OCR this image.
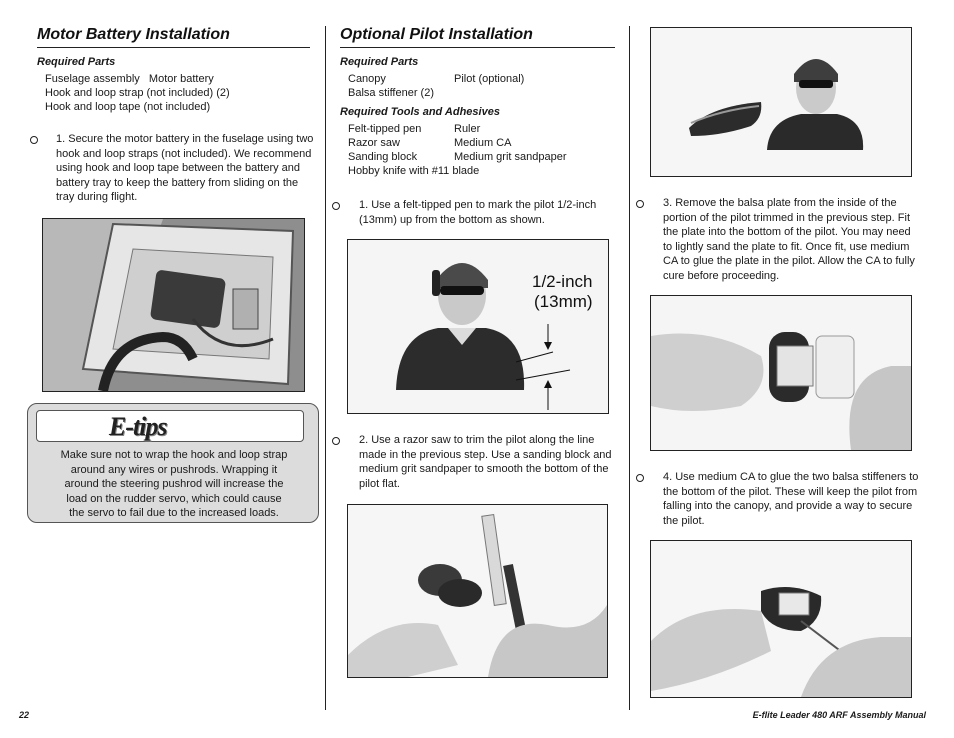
Motor Battery Installation
Required Parts
Fuselage assembly   Motor battery
Hook and loop strap (not included) (2)
Hook and loop tape (not included)
1. Secure the motor battery in the fuselage using two
hook and loop straps (not included). We recommend
using hook and loop tape between the battery and
battery tray to keep the battery from sliding on the
tray during flight.
E-tips
Make sure not to wrap the hook and loop strap
around any wires or pushrods. Wrapping it
around the steering pushrod will increase the
load on the rudder servo, which could cause
the servo to fail due to the increased loads.
22
Optional Pilot Installation
Required Parts
Canopy	Pilot (optional)
Balsa stiffener (2)
Required Tools and Adhesives
Felt-tipped pen	Ruler
Razor saw	Medium CA
Sanding block	Medium grit sandpaper
Hobby knife with #11 blade
1. Use a felt-tipped pen to mark the pilot 1/2-inch
(13mm) up from the bottom as shown.
1/2-inch
(13mm)
2. Use a razor saw to trim the pilot along the line
made in the previous step. Use a sanding block and
medium grit sandpaper to smooth the bottom of the
pilot flat.
3. Remove the balsa plate from the inside of the
portion of the pilot trimmed in the previous step. Fit
the plate into the bottom of the pilot. You may need
to lightly sand the plate to fit. Once fit, use medium
CA to glue the plate in the pilot. Allow the CA to fully
cure before proceeding.
4. Use medium CA to glue the two balsa stiffeners to
the bottom of the pilot. These will keep the pilot from
falling into the canopy, and provide a way to secure
the pilot.
E-flite Leader 480 ARF Assembly Manual
